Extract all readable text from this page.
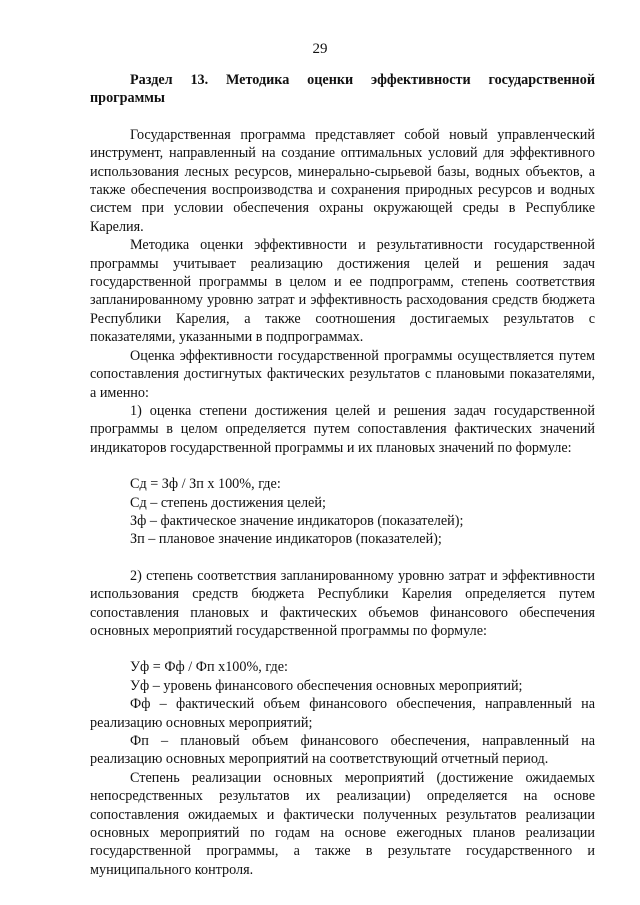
29

Раздел 13. Методика оценки эффективности государственной программы

Государственная программа представляет собой новый управленческий инструмент, направленный на создание оптимальных условий для эффективного использования лесных ресурсов, минерально-сырьевой базы, водных объектов, а также обеспечения воспроизводства и сохранения природных ресурсов и водных систем при условии обеспечения охраны окружающей среды в Республике Карелия.

Методика оценки эффективности и результативности государственной программы учитывает реализацию достижения целей и решения задач государственной программы в целом и ее подпрограмм, степень соответствия запланированному уровню затрат и эффективность расходования средств бюджета Республики Карелия, а также соотношения достигаемых результатов с показателями, указанными в подпрограммах.

Оценка эффективности государственной программы осуществляется путем сопоставления достигнутых фактических результатов с плановыми показателями, а именно:

1) оценка степени достижения целей и решения задач государственной программы в целом определяется путем сопоставления фактических значений индикаторов государственной программы и их плановых значений по формуле:

Сд = Зф / Зп х 100%, где:

Сд – степень достижения целей;

Зф – фактическое значение индикаторов (показателей);

Зп – плановое значение индикаторов (показателей);

2) степень соответствия запланированному уровню затрат и эффективности использования средств бюджета Республики Карелия определяется путем сопоставления плановых и фактических объемов финансового обеспечения основных мероприятий государственной программы по формуле:

Уф = Фф / Фп х100%, где:

Уф – уровень финансового обеспечения основных мероприятий;

Фф – фактический объем финансового обеспечения, направленный на реализацию основных мероприятий;

Фп – плановый объем финансового обеспечения, направленный на реализацию основных мероприятий на соответствующий отчетный период.

Степень реализации основных мероприятий (достижение ожидаемых непосредственных результатов их реализации) определяется на основе сопоставления ожидаемых и фактически полученных результатов реализации основных мероприятий по годам на основе ежегодных планов реализации государственной программы, а также в результате государственного и муниципального контроля.
